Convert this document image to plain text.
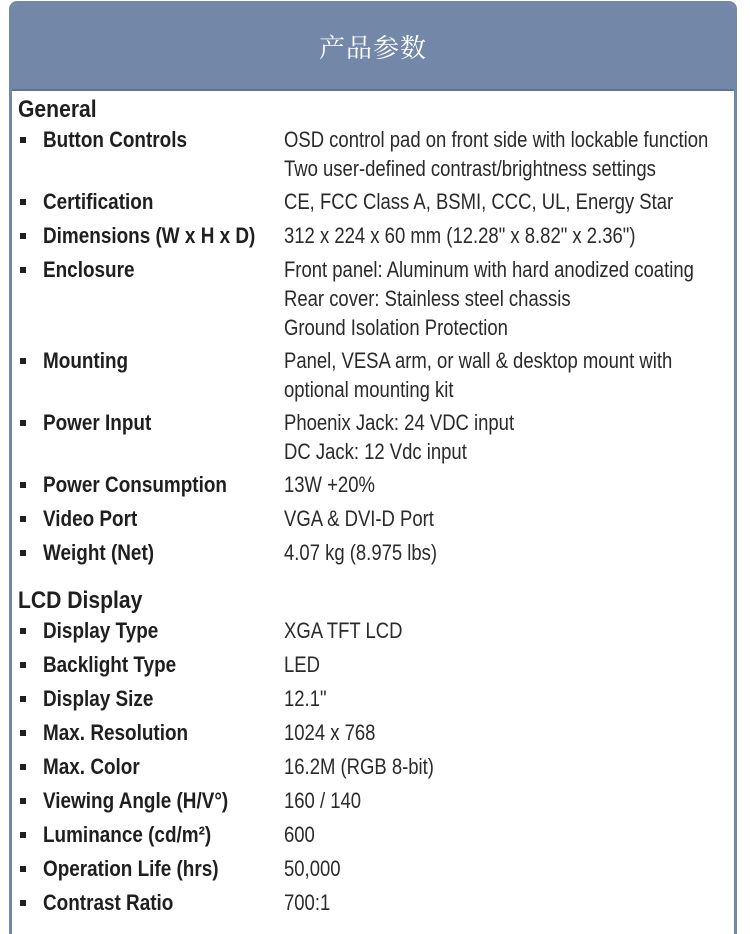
产品参数
General
Button Controls	OSD control pad on front side with lockable function
Two user-defined contrast/brightness settings
Certification	CE, FCC Class A, BSMI, CCC, UL, Energy Star
Dimensions (W x H x D) 312 x 224 x 60 mm (12.28" x 8.82" x 2.36")
Enclosure	Front panel: Aluminum with hard anodized coating
Rear cover: Stainless steel chassis
Ground Isolation Protection
Mounting	Panel, VESA arm, or wall & desktop mount with
optional mounting kit
Power Input	Phoenix Jack: 24 VDC input
DC Jack: 12 Vdc input
Power Consumption	13W +20%
Video Port	VGA & DVI-D Port
Weight (Net)	4.07 kg (8.975 lbs)
LCD Display
Display Type	XGA TFT LCD
Backlight Type	LED
Display Size	12.1"
Max. Resolution	1024 x 768
Max. Color	16.2M (RGB 8-bit)
Viewing Angle (H/V°)	160 / 140
Luminance (cd/m²)	600
Operation Life (hrs)	50,000
Contrast Ratio	700:1
